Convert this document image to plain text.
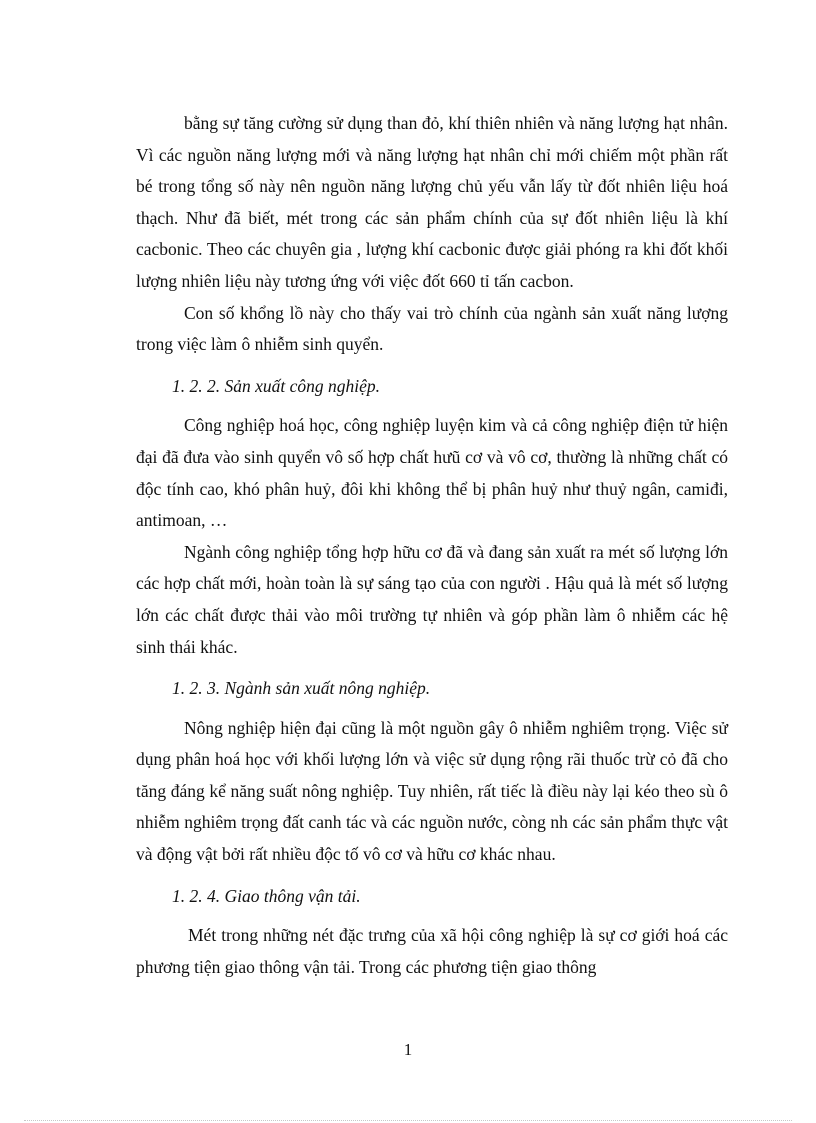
bằng sự tăng cường sử dụng than đỏ, khí thiên nhiên và năng lượng hạt nhân. Vì các nguồn năng lượng mới và năng lượng hạt nhân chỉ mới chiếm một phần rất bé trong tổng số này nên nguồn năng lượng chủ yếu vẫn lấy từ đốt nhiên liệu hoá thạch. Như đã biết, mét trong các sản phẩm chính của sự đốt nhiên liệu là khí cacbonic. Theo các chuyên gia , lượng khí cacbonic được giải phóng ra khi đốt khối lượng nhiên liệu này tương ứng với việc đốt 660 tỉ tấn cacbon.

Con số khổng lồ này cho thấy vai trò chính của ngành sản xuất năng lượng trong việc làm ô nhiễm sinh quyển.

1. 2. 2. Sản xuất công nghiệp.

Công nghiệp hoá học, công nghiệp luyện kim và cả công nghiệp điện tử hiện đại đã đưa vào sinh quyển vô số hợp chất hưũ cơ và vô cơ, thường là những chất có độc tính cao, khó phân huỷ, đôi khi không thể bị phân huỷ như thuỷ ngân, camiđi, antimoan, …

Ngành công nghiệp tổng hợp hữu cơ đã và đang sản xuất ra mét số lượng lớn các hợp chất mới, hoàn toàn là sự sáng tạo của con người . Hậu quả là mét số lượng lớn các chất được thải vào môi trường tự nhiên và góp phần làm ô nhiễm các hệ sinh thái khác.

1. 2. 3. Ngành sản xuất nông nghiệp.

Nông nghiệp hiện đại cũng là một nguồn gây ô nhiễm nghiêm trọng. Việc sử dụng phân hoá học với khối lượng lớn và việc sử dụng rộng rãi thuốc trừ cỏ đã cho tăng đáng kể năng suất nông nghiệp. Tuy nhiên, rất tiếc là điều này lại kéo theo sù ô nhiễm nghiêm trọng đất canh tác và các nguồn nước, còng nh các sản phẩm thực vật và động vật bởi rất nhiều độc tố vô cơ và hữu cơ khác nhau.

1. 2. 4. Giao thông vận tải.

Mét trong những nét đặc trưng của xã hội công nghiệp là sự cơ giới hoá các phương tiện giao thông vận tải. Trong các phương tiện giao thông

1
